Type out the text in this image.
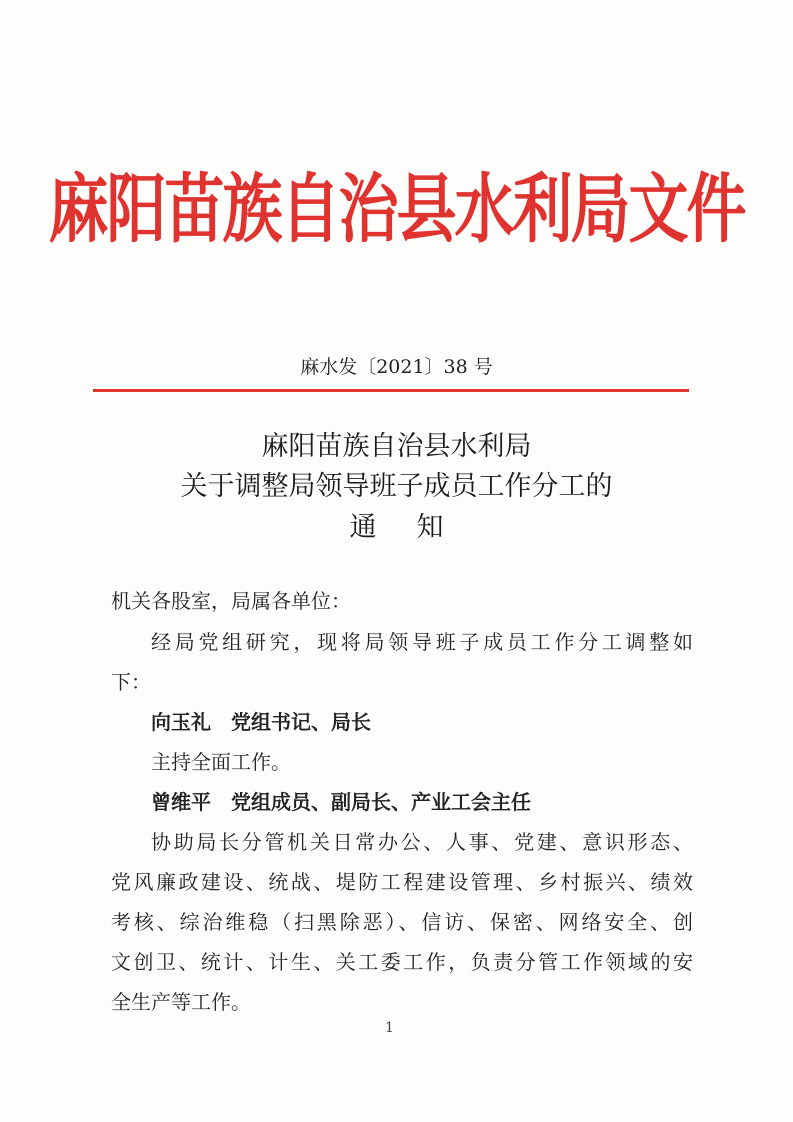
麻阳苗族自治县水利局文件
麻水发〔2021〕38 号
麻阳苗族自治县水利局
关于调整局领导班子成员工作分工的
通知
机关各股室，局属各单位：
经局党组研究，现将局领导班子成员工作分工调整如
下：
向玉礼　党组书记、局长
主持全面工作。
曾维平　党组成员、副局长、产业工会主任
协助局长分管机关日常办公、人事、党建、意识形态、
党风廉政建设、统战、堤防工程建设管理、乡村振兴、绩效
考核、综治维稳（扫黑除恶）、信访、保密、网络安全、创
文创卫、统计、计生、关工委工作，负责分管工作领域的安
全生产等工作。
1
